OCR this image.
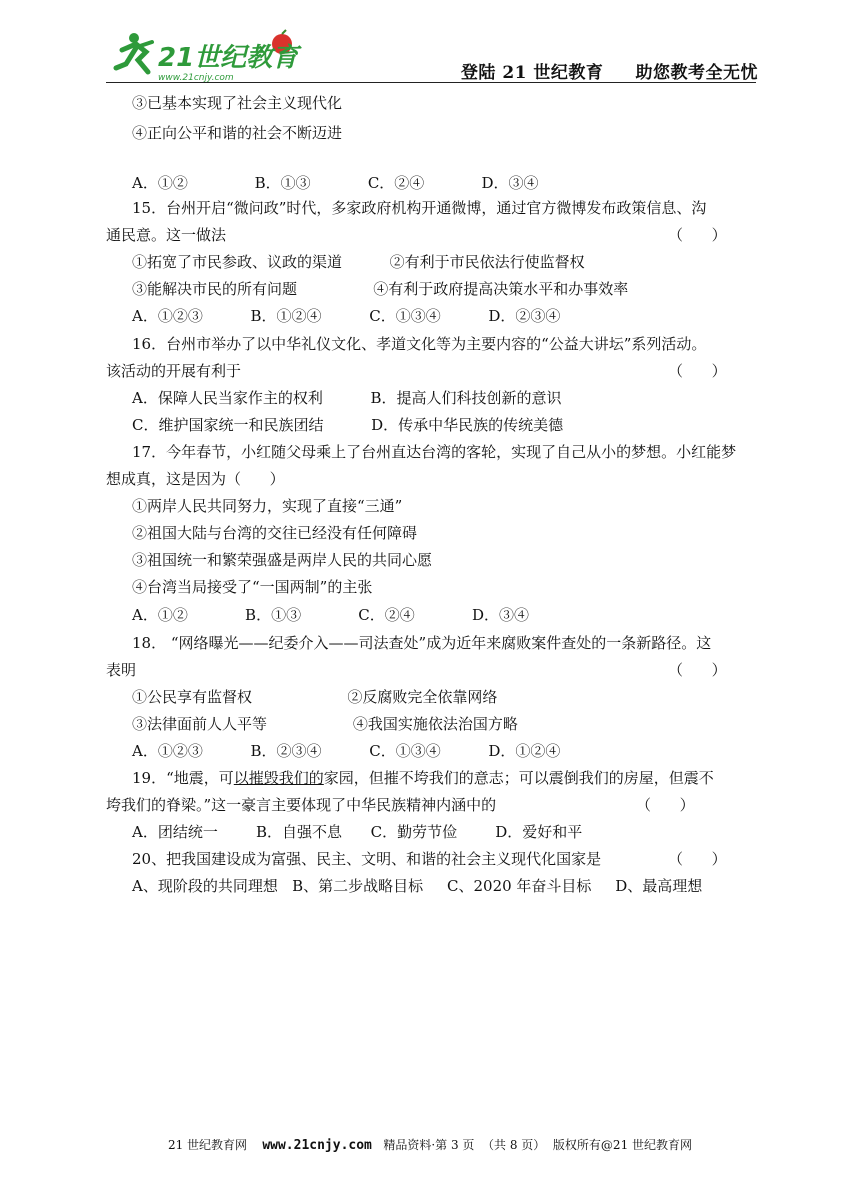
21世纪教育
www.21cnjy.com	登陆 21 世纪教育     助您教考全无忧
③已基本实现了社会主义现代化
④正向公平和谐的社会不断迈进
A．①②              B．①③            C．②④            D．③④
15．台州开启“微问政”时代，多家政府机构开通微博，通过官方微博发布政策信息、沟
通民意。这一做法	（      ）
①拓宽了市民参政、议政的渠道          ②有利于市民依法行使监督权
③能解决市民的所有问题                ④有利于政府提高决策水平和办事效率
A．①②③          B．①②④          C．①③④          D．②③④
16．台州市举办了以中华礼仪文化、孝道文化等为主要内容的“公益大讲坛”系列活动。
该活动的开展有利于	（      ）
A．保障人民当家作主的权利          B．提高人们科技创新的意识
C．维护国家统一和民族团结          D．传承中华民族的传统美德
17．今年春节，小红随父母乘上了台州直达台湾的客轮，实现了自己从小的梦想。小红能梦
想成真，这是因为（      ）
①两岸人民共同努力，实现了直接“三通”
②祖国大陆与台湾的交往已经没有任何障碍
③祖国统一和繁荣强盛是两岸人民的共同心愿
④台湾当局接受了“一国两制”的主张
A．①②            B．①③            C．②④            D．③④
18． “网络曝光——纪委介入——司法查处”成为近年来腐败案件查处的一条新路径。这
表明	（      ）
①公民享有监督权                    ②反腐败完全依靠网络
③法律面前人人平等                  ④我国实施依法治国方略
A．①②③          B．②③④          C．①③④          D．①②④
19．“地震，可以摧毁我们的家园，但摧不垮我们的意志；可以震倒我们的房屋，但震不
垮我们的脊梁。”这一豪言主要体现了中华民族精神内涵中的	（      ）
A．团结统一        B．自强不息      C．勤劳节俭        D．爱好和平
20、把我国建设成为富强、民主、文明、和谐的社会主义现代化国家是	（      ）
A、现阶段的共同理想   B、第二步战略目标     C、2020 年奋斗目标     D、最高理想
21 世纪教育网    www.21cnjy.com   精品资料·第 3 页  （共 8 页）  版权所有@21 世纪教育网
